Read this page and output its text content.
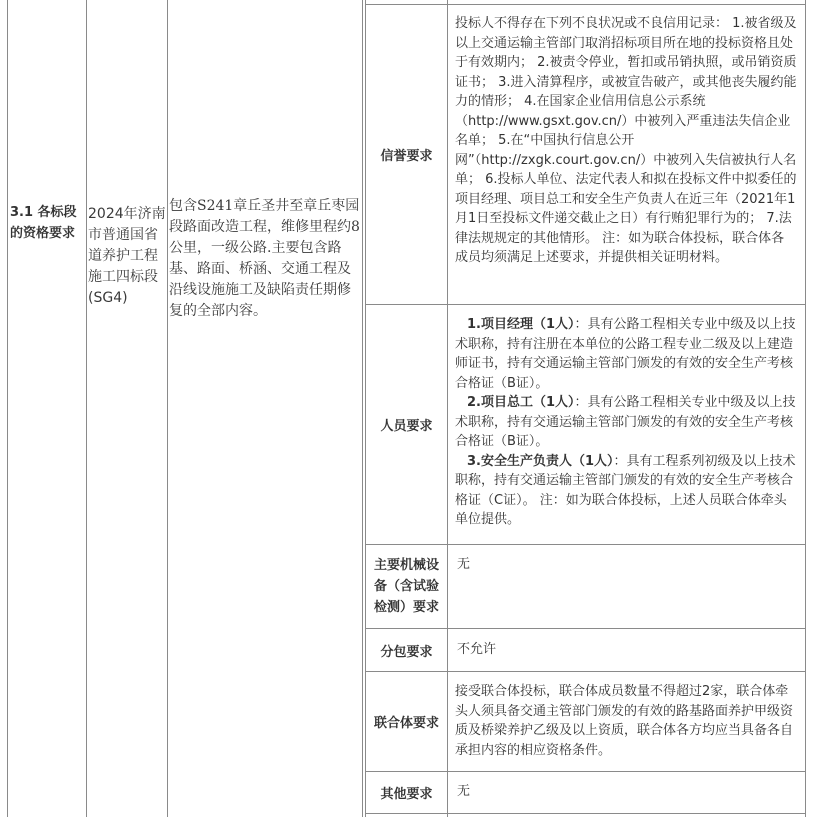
3.1 各标段的资格要求
2024年济南市普通国省道养护工程施工四标段(SG4)
包含S241章丘圣井至章丘枣园段路面改造工程，维修里程约8公里，一级公路.主要包含路基、路面、桥涵、交通工程及沿线设施施工及缺陷责任期修复的全部内容。
信誉要求
投标人不得存在下列不良状况或不良信用记录： 1.被省级及以上交通运输主管部门取消招标项目所在地的投标资格且处于有效期内； 2.被责令停业，暂扣或吊销执照，或吊销资质证书； 3.进入清算程序，或被宣告破产，或其他丧失履约能力的情形； 4.在国家企业信用信息公示系统（http://www.gsxt.gov.cn/）中被列入严重违法失信企业名单； 5.在“中国执行信息公开网”（http://zxgk.court.gov.cn/）中被列入失信被执行人名单； 6.投标人单位、法定代表人和拟在投标文件中拟委任的项目经理、项目总工和安全生产负责人在近三年（2021年1月1日至投标文件递交截止之日）有行贿犯罪行为的； 7.法律法规规定的其他情形。 注：如为联合体投标，联合体各成员均须满足上述要求，并提供相关证明材料。
人员要求

1.项目经理（1人）：具有公路工程相关专业中级及以上技术职称，持有注册在本单位的公路工程专业二级及以上建造师证书，持有交通运输主管部门颁发的有效的安全生产考核合格证（B证）。

2.项目总工（1人）：具有公路工程相关专业中级及以上技术职称，持有交通运输主管部门颁发的有效的安全生产考核合格证（B证）。

3.安全生产负责人（1人）：具有工程系列初级及以上技术职称，持有交通运输主管部门颁发的有效的安全生产考核合格证（C证）。 注：如为联合体投标，上述人员联合体牵头单位提供。

主要机械设备（含试验检测）要求
无
分包要求	不允许
联合体要求
接受联合体投标，联合体成员数量不得超过2家，联合体牵头人须具备交通主管部门颁发的有效的路基路面养护甲级资质及桥梁养护乙级及以上资质，联合体各方均应当具备各自承担内容的相应资格条件。
其他要求	无
